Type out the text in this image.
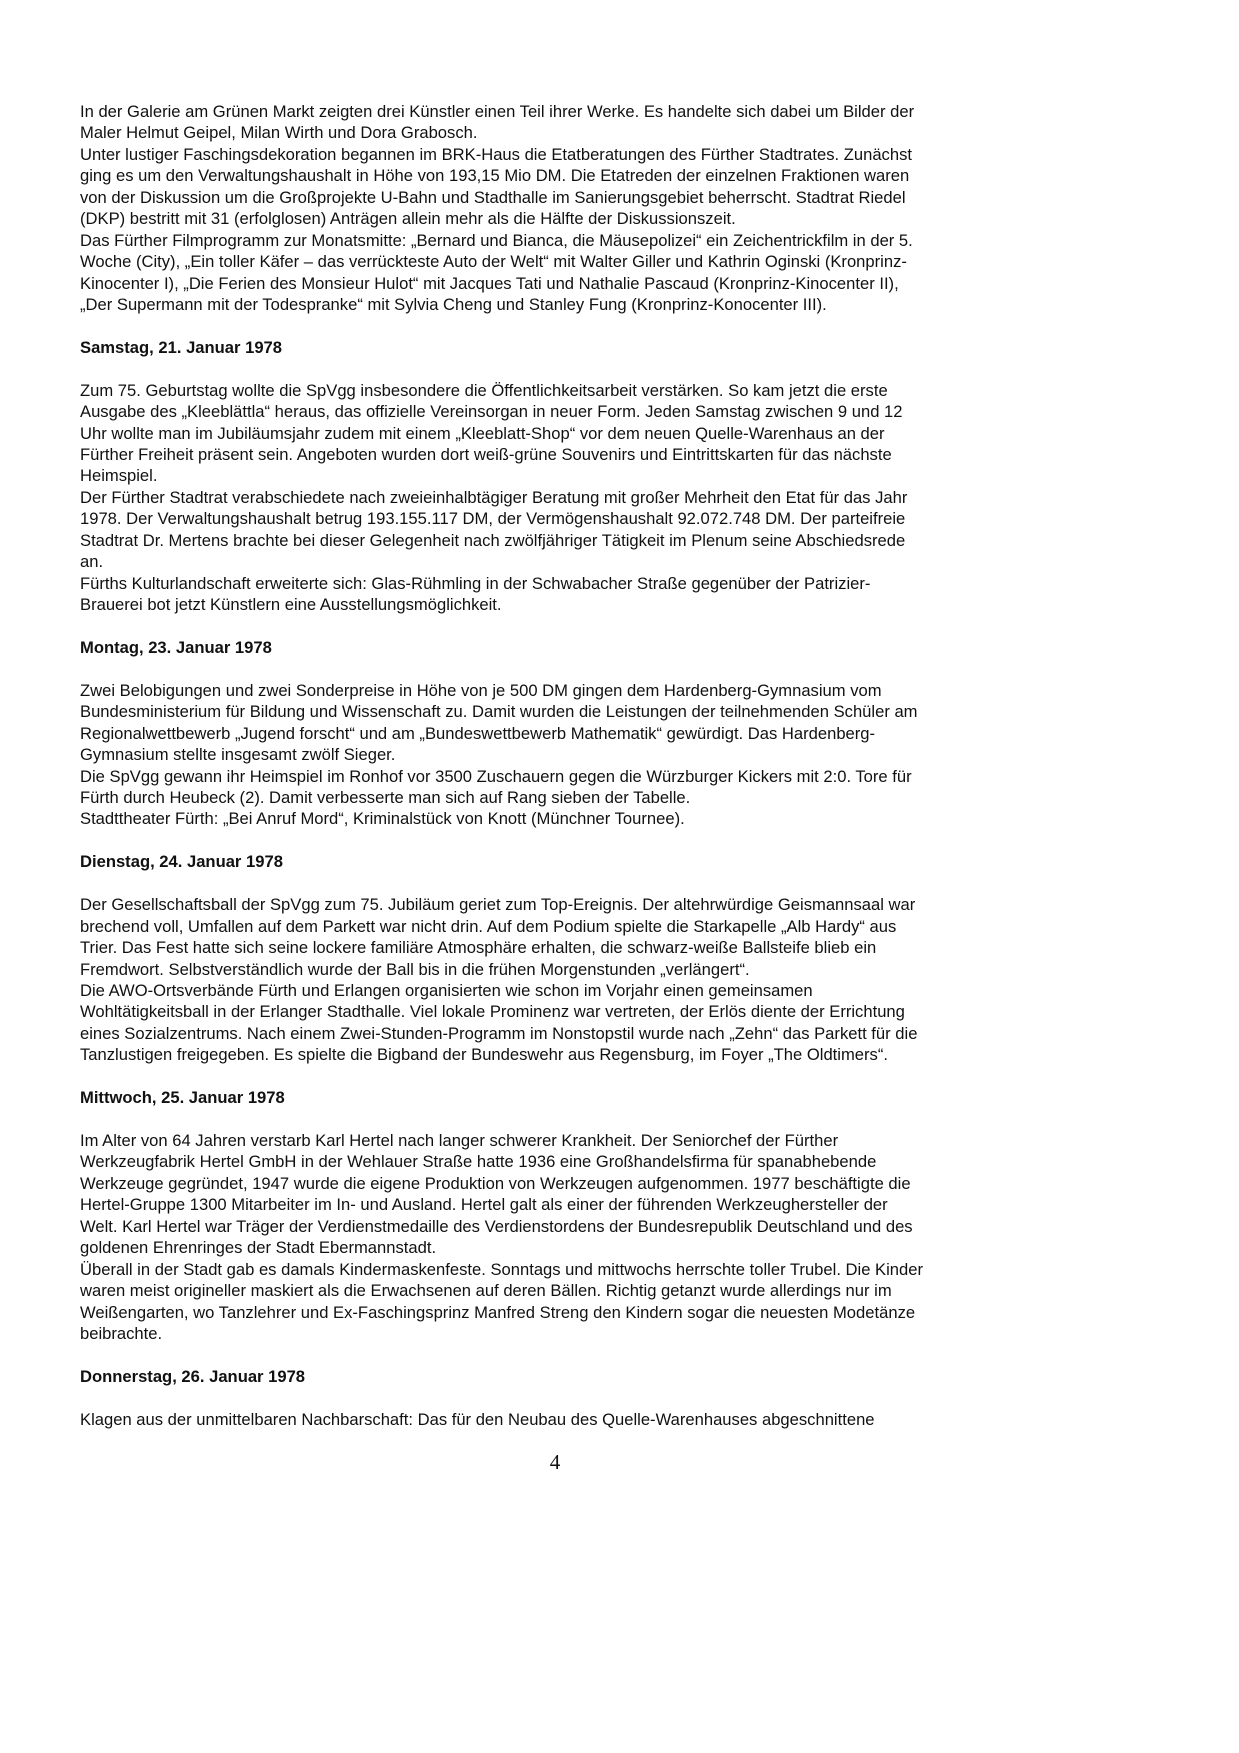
In der Galerie am Grünen Markt zeigten drei Künstler einen Teil ihrer Werke. Es handelte sich dabei um Bilder der
Maler Helmut Geipel, Milan Wirth und Dora Grabosch.
Unter lustiger Faschingsdekoration begannen im BRK-Haus die Etatberatungen des Fürther Stadtrates. Zunächst
ging es um den Verwaltungshaushalt in Höhe von 193,15 Mio DM. Die Etatreden der einzelnen Fraktionen waren
von der Diskussion um die Großprojekte U-Bahn und Stadthalle im Sanierungsgebiet beherrscht. Stadtrat Riedel
(DKP) bestritt mit 31 (erfolglosen) Anträgen allein mehr als die Hälfte der Diskussionszeit.
Das Fürther Filmprogramm zur Monatsmitte: „Bernard und Bianca, die Mäusepolizei“ ein Zeichentrickfilm in der 5.
Woche (City), „Ein toller Käfer – das verrückteste Auto der Welt“ mit Walter Giller und Kathrin Oginski (Kronprinz-
Kinocenter I), „Die Ferien des Monsieur Hulot“ mit Jacques Tati und Nathalie Pascaud (Kronprinz-Kinocenter II),
„Der Supermann mit der Todespranke“ mit Sylvia Cheng und Stanley Fung (Kronprinz-Konocenter III).
Samstag, 21. Januar 1978
Zum 75. Geburtstag wollte die SpVgg insbesondere die Öffentlichkeitsarbeit verstärken. So kam jetzt die erste
Ausgabe des „Kleeblättla“ heraus, das offizielle Vereinsorgan in neuer Form. Jeden Samstag zwischen 9 und 12
Uhr wollte man im Jubiläumsjahr zudem mit einem „Kleeblatt-Shop“ vor dem neuen Quelle-Warenhaus an der
Fürther Freiheit präsent sein. Angeboten wurden dort weiß-grüne Souvenirs und Eintrittskarten für das nächste
Heimspiel.
Der Fürther Stadtrat verabschiedete nach zweieinhalbtägiger Beratung mit großer Mehrheit den Etat für das Jahr
1978. Der Verwaltungshaushalt betrug 193.155.117 DM, der Vermögenshaushalt 92.072.748 DM. Der parteifreie
Stadtrat Dr. Mertens brachte bei dieser Gelegenheit nach zwölfjähriger Tätigkeit im Plenum seine Abschiedsrede
an.
Fürths Kulturlandschaft erweiterte sich: Glas-Rühmling in der Schwabacher Straße gegenüber der Patrizier-
Brauerei bot jetzt Künstlern eine Ausstellungsmöglichkeit.
Montag, 23. Januar 1978
Zwei Belobigungen und zwei Sonderpreise in Höhe von je 500 DM gingen dem Hardenberg-Gymnasium vom
Bundesministerium für Bildung und Wissenschaft zu. Damit wurden die Leistungen der teilnehmenden Schüler am
Regionalwettbewerb „Jugend forscht“ und am „Bundeswettbewerb Mathematik“ gewürdigt. Das Hardenberg-
Gymnasium stellte insgesamt zwölf Sieger.
Die SpVgg gewann ihr Heimspiel im Ronhof vor 3500 Zuschauern gegen die Würzburger Kickers mit 2:0. Tore für
Fürth durch Heubeck (2). Damit verbesserte man sich auf Rang sieben der Tabelle.
Stadttheater Fürth: „Bei Anruf Mord“, Kriminalstück von Knott (Münchner Tournee).
Dienstag, 24. Januar 1978
Der Gesellschaftsball der SpVgg zum 75. Jubiläum geriet zum Top-Ereignis. Der altehrwürdige Geismannsaal war
brechend voll, Umfallen auf dem Parkett war nicht drin. Auf dem Podium spielte die Starkapelle „Alb Hardy“ aus
Trier. Das Fest hatte sich seine lockere familiäre Atmosphäre erhalten, die schwarz-weiße Ballsteife blieb ein
Fremdwort. Selbstverständlich wurde der Ball bis in die frühen Morgenstunden „verlängert“.
Die AWO-Ortsverbände Fürth und Erlangen organisierten wie schon im Vorjahr einen gemeinsamen
Wohltätigkeitsball in der Erlanger Stadthalle. Viel lokale Prominenz war vertreten, der Erlös diente der Errichtung
eines Sozialzentrums. Nach einem Zwei-Stunden-Programm im Nonstopstil wurde nach „Zehn“ das Parkett für die
Tanzlustigen freigegeben. Es spielte die Bigband der Bundeswehr aus Regensburg, im Foyer „The Oldtimers“.
Mittwoch, 25. Januar 1978
Im Alter von 64 Jahren verstarb Karl Hertel nach langer schwerer Krankheit. Der Seniorchef der Fürther
Werkzeugfabrik Hertel GmbH in der Wehlauer Straße hatte 1936 eine Großhandelsfirma für spanabhebende
Werkzeuge gegründet, 1947 wurde die eigene Produktion von Werkzeugen aufgenommen. 1977 beschäftigte die
Hertel-Gruppe 1300 Mitarbeiter im In- und Ausland. Hertel galt als einer der führenden Werkzeughersteller der
Welt. Karl Hertel war Träger der Verdienstmedaille des Verdienstordens der Bundesrepublik Deutschland und des
goldenen Ehrenringes der Stadt Ebermannstadt.
Überall in der Stadt gab es damals Kindermaskenfeste. Sonntags und mittwochs herrschte toller Trubel. Die Kinder
waren meist origineller maskiert als die Erwachsenen auf deren Bällen. Richtig getanzt wurde allerdings nur im
Weißengarten, wo Tanzlehrer und Ex-Faschingsprinz Manfred Streng den Kindern sogar die neuesten Modetänze
beibrachte.
Donnerstag, 26. Januar 1978
Klagen aus der unmittelbaren Nachbarschaft: Das für den Neubau des Quelle-Warenhauses abgeschnittene
4
